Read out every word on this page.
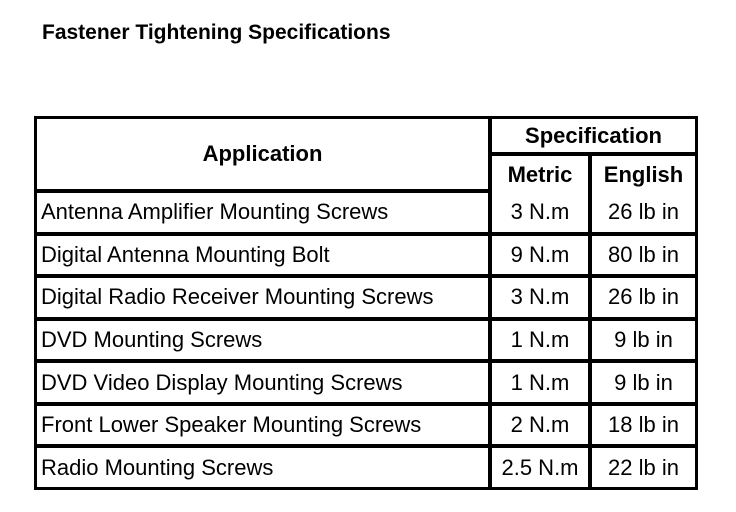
Fastener Tightening Specifications
Application	Specification	
	Metric	English
Antenna Amplifier Mounting Screws	3 N.m	26 lb in
Digital Antenna Mounting Bolt	9 N.m	80 lb in
Digital Radio Receiver Mounting Screws	3 N.m	26 lb in
DVD Mounting Screws	1 N.m	9 lb in
DVD Video Display Mounting Screws	1 N.m	9 lb in
Front Lower Speaker Mounting Screws	2 N.m	18 lb in
Radio Mounting Screws	2.5 N.m	22 lb in
